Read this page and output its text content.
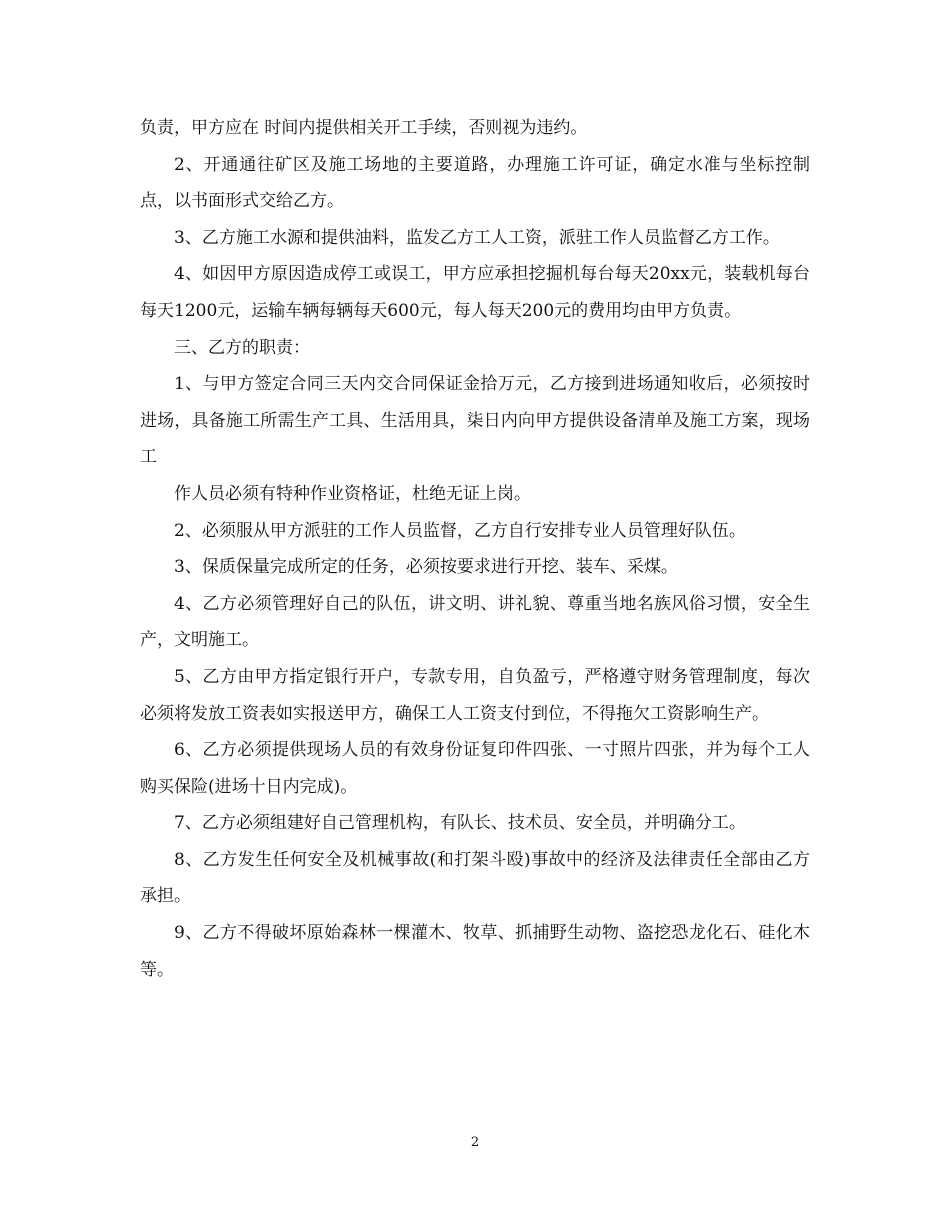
负责，甲方应在 时间内提供相关开工手续，否则视为违约。

2、开通通往矿区及施工场地的主要道路，办理施工许可证，确定水准与坐标控制点，以书面形式交给乙方。

3、乙方施工水源和提供油料，监发乙方工人工资，派驻工作人员监督乙方工作。

4、如因甲方原因造成停工或误工，甲方应承担挖掘机每台每天20xx元，装载机每台每天1200元，运输车辆每辆每天600元，每人每天200元的费用均由甲方负责。

三、乙方的职责：

1、与甲方签定合同三天内交合同保证金拾万元，乙方接到进场通知收后，必须按时进场，具备施工所需生产工具、生活用具，柒日内向甲方提供设备清单及施工方案，现场工

作人员必须有特种作业资格证，杜绝无证上岗。

2、必须服从甲方派驻的工作人员监督，乙方自行安排专业人员管理好队伍。

3、保质保量完成所定的任务，必须按要求进行开挖、装车、采煤。

4、乙方必须管理好自己的队伍，讲文明、讲礼貌、尊重当地名族风俗习惯，安全生产，文明施工。

5、乙方由甲方指定银行开户，专款专用，自负盈亏，严格遵守财务管理制度，每次必须将发放工资表如实报送甲方，确保工人工资支付到位，不得拖欠工资影响生产。

6、乙方必须提供现场人员的有效身份证复印件四张、一寸照片四张，并为每个工人购买保险(进场十日内完成)。

7、乙方必须组建好自己管理机构，有队长、技术员、安全员，并明确分工。

8、乙方发生任何安全及机械事故(和打架斗殴)事故中的经济及法律责任全部由乙方承担。

9、乙方不得破坏原始森林一棵灌木、牧草、抓捕野生动物、盗挖恐龙化石、硅化木等。

2
